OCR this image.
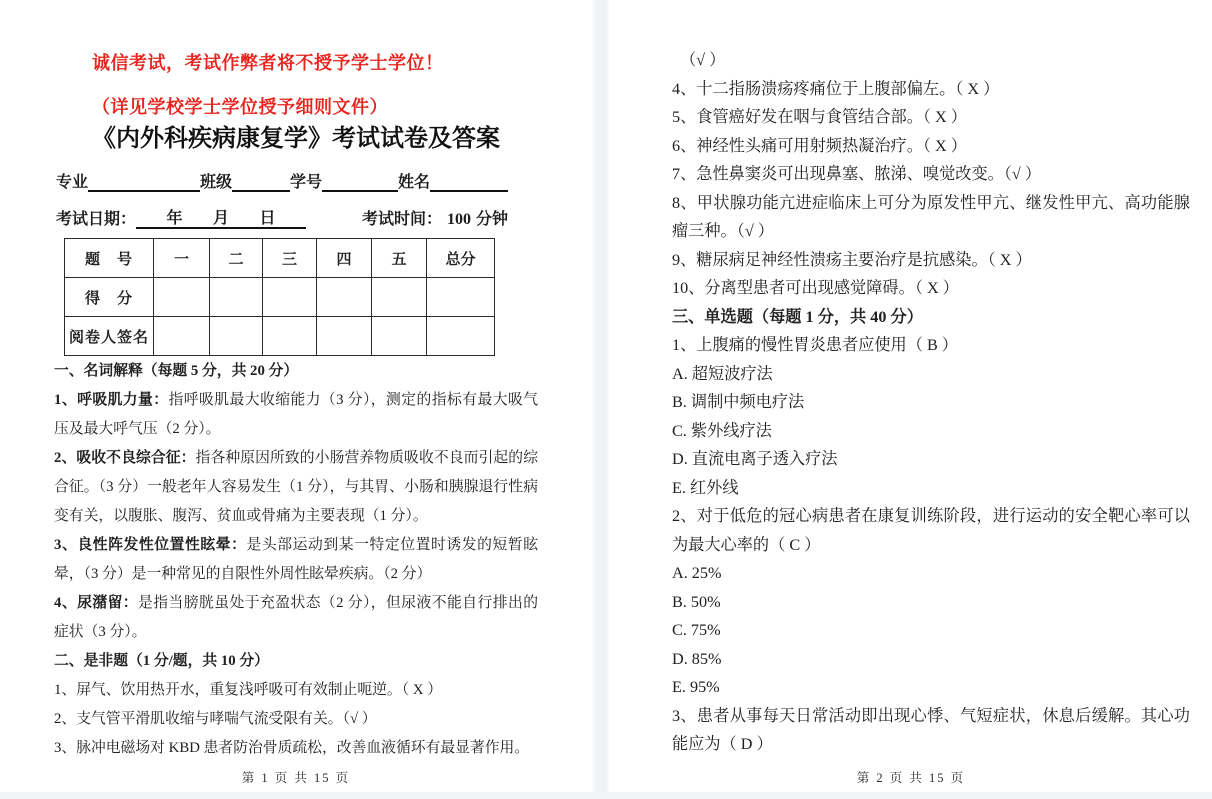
诚信考试，考试作弊者将不授予学士学位！
（详见学校学士学位授予细则文件）
《内外科疾病康复学》考试试卷及答案
专业	班级	学号	姓名
考试日期： 年 月 日	考试时间： 100 分钟
题　号	一	二	三	四	五	总分
得　分						
阅卷人签名						
一、名词解释（每题 5 分，共 20 分）
1、呼吸肌力量：指呼吸肌最大收缩能力（3 分），测定的指标有最大吸气压及最大呼气压（2 分）。
2、吸收不良综合征：指各种原因所致的小肠营养物质吸收不良而引起的综合征。（3 分）一般老年人容易发生（1 分），与其胃、小肠和胰腺退行性病变有关，以腹胀、腹泻、贫血或骨痛为主要表现（1 分）。
3、良性阵发性位置性眩晕：是头部运动到某一特定位置时诱发的短暂眩晕，（3 分）是一种常见的自限性外周性眩晕疾病。（2 分）
4、尿潴留：是指当膀胱虽处于充盈状态（2 分），但尿液不能自行排出的症状（3 分）。
二、是非题（1 分/题，共 10 分）
1、屏气、饮用热开水，重复浅呼吸可有效制止呃逆。（ X ）
2、支气管平滑肌收缩与哮喘气流受限有关。（√ ）
3、脉冲电磁场对 KBD 患者防治骨质疏松，改善血液循环有最显著作用。
第 1 页 共 15 页
（√ ）
4、十二指肠溃疡疼痛位于上腹部偏左。（ X ）
5、食管癌好发在咽与食管结合部。（ X ）
6、神经性头痛可用射频热凝治疗。（ X ）
7、急性鼻窦炎可出现鼻塞、脓涕、嗅觉改变。（√ ）
8、甲状腺功能亢进症临床上可分为原发性甲亢、继发性甲亢、高功能腺瘤三种。（√ ）
9、糖尿病足神经性溃疡主要治疗是抗感染。（ X ）
10、分离型患者可出现感觉障碍。（ X ）
三、单选题（每题 1 分，共 40 分）
1、上腹痛的慢性胃炎患者应使用（ B ）
A. 超短波疗法
B. 调制中频电疗法
C. 紫外线疗法
D. 直流电离子透入疗法
E. 红外线
2、对于低危的冠心病患者在康复训练阶段，进行运动的安全靶心率可以为最大心率的（ C ）
A. 25%
B. 50%
C. 75%
D. 85%
E. 95%
3、患者从事每天日常活动即出现心悸、气短症状，休息后缓解。其心功能应为（ D ）
第 2 页 共 15 页
